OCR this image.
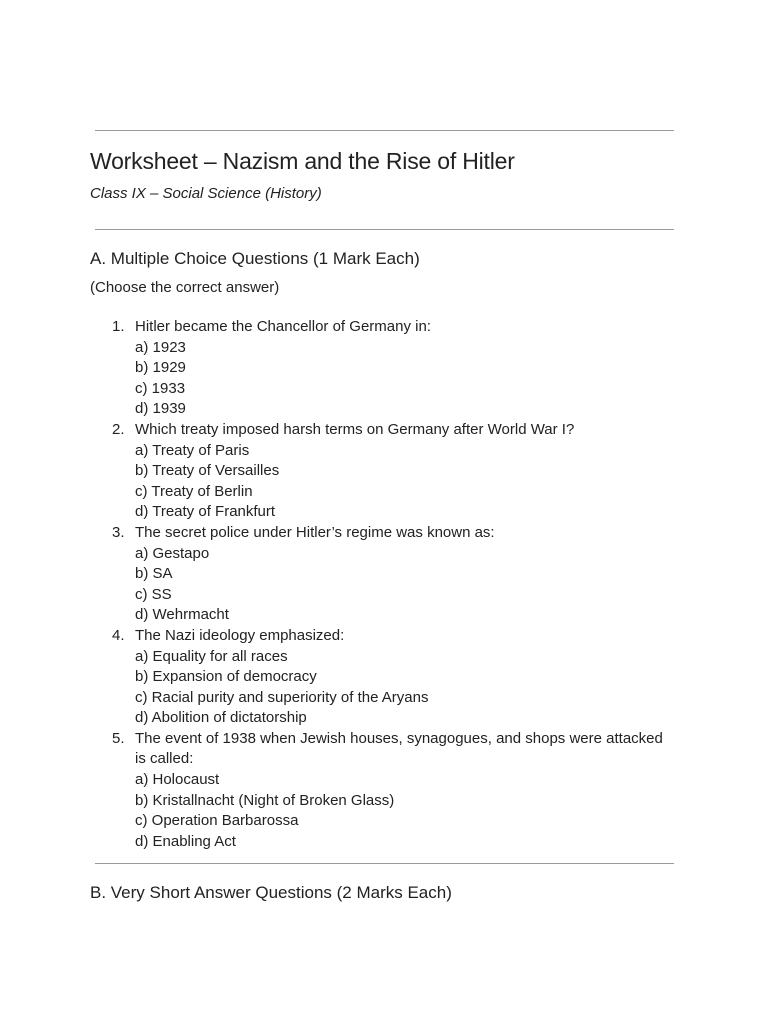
Worksheet – Nazism and the Rise of Hitler

Class IX – Social Science (History)

A. Multiple Choice Questions (1 Mark Each)

(Choose the correct answer)

1. Hitler became the Chancellor of Germany in:
a) 1923
b) 1929
c) 1933
d) 1939
2. Which treaty imposed harsh terms on Germany after World War I?
a) Treaty of Paris
b) Treaty of Versailles
c) Treaty of Berlin
d) Treaty of Frankfurt
3. The secret police under Hitler’s regime was known as:
a) Gestapo
b) SA
c) SS
d) Wehrmacht
4. The Nazi ideology emphasized:
a) Equality for all races
b) Expansion of democracy
c) Racial purity and superiority of the Aryans
d) Abolition of dictatorship
5. The event of 1938 when Jewish houses, synagogues, and shops were attacked is called:
a) Holocaust
b) Kristallnacht (Night of Broken Glass)
c) Operation Barbarossa
d) Enabling Act
B. Very Short Answer Questions (2 Marks Each)
